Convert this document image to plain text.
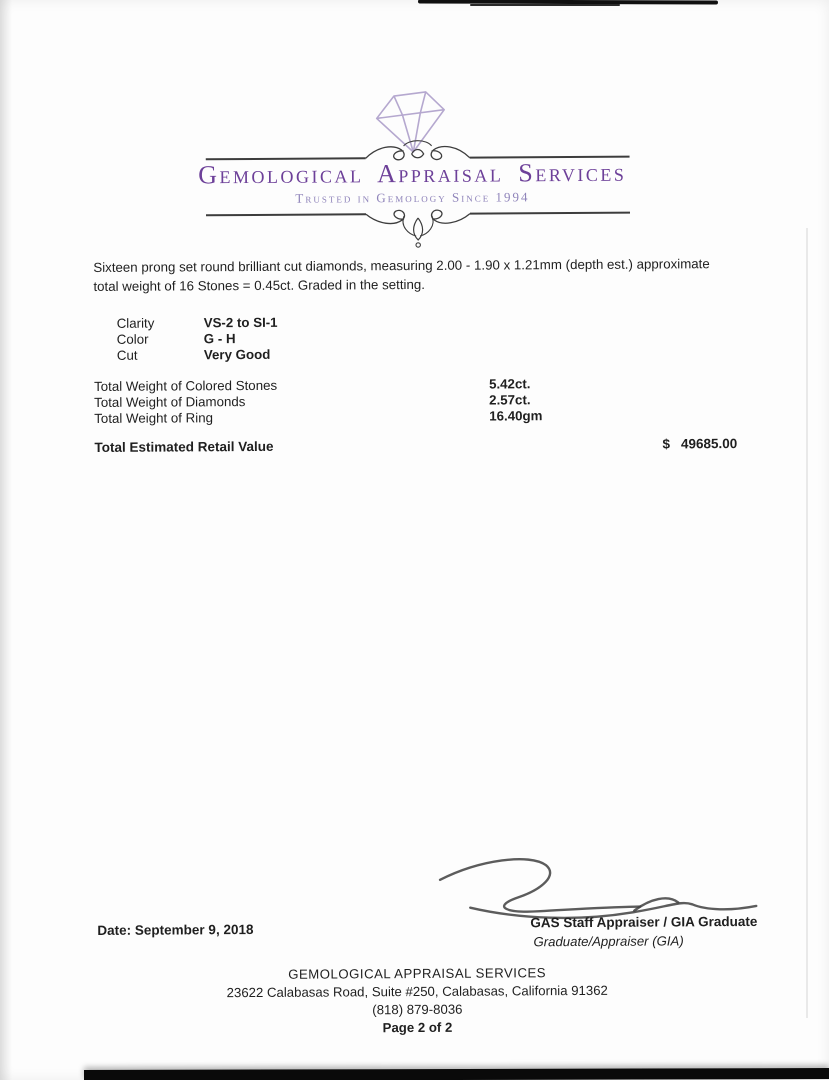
Gemological Appraisal Services
Trusted in Gemology Since 1994
Sixteen prong set round brilliant cut diamonds, measuring 2.00 - 1.90 x 1.21mm (depth est.) approximate
total weight of 16 Stones = 0.45ct. Graded in the setting.
Clarity	VS-2 to SI-1
Color	G - H
Cut	Very Good
Total Weight of Colored Stones	5.42ct.
Total Weight of Diamonds	2.57ct.
Total Weight of Ring	16.40gm
Total Estimated Retail Value	$ 49685.00
Date: September 9, 2018	GAS Staff Appraiser / GIA Graduate
Graduate/Appraiser (GIA)
GEMOLOGICAL APPRAISAL SERVICES
23622 Calabasas Road, Suite #250, Calabasas, California 91362
(818) 879-8036
Page 2 of 2
